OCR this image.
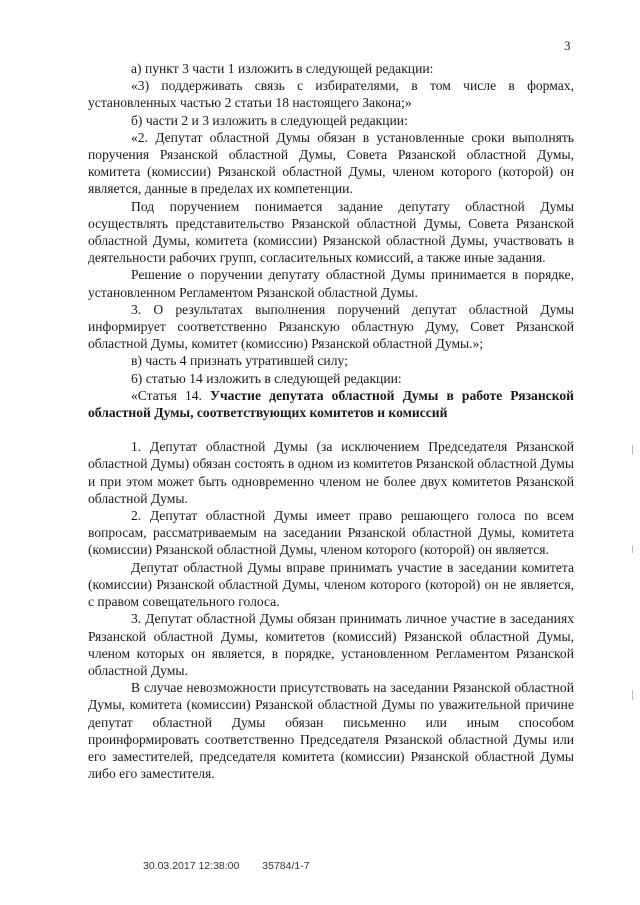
3

а) пункт 3 части 1 изложить в следующей редакции:

«3) поддерживать связь с избирателями, в том числе в формах, установленных частью 2 статьи 18 настоящего Закона;»

б) части 2 и 3 изложить в следующей редакции:

«2. Депутат областной Думы обязан в установленные сроки выполнять поручения Рязанской областной Думы, Совета Рязанской областной Думы, комитета (комиссии) Рязанской областной Думы, членом которого (которой) он является, данные в пределах их компетенции.

Под поручением понимается задание депутату областной Думы осуществлять представительство Рязанской областной Думы, Совета Рязанской областной Думы, комитета (комиссии) Рязанской областной Думы, участвовать в деятельности рабочих групп, согласительных комиссий, а также иные задания.

Решение о поручении депутату областной Думы принимается в порядке, установленном Регламентом Рязанской областной Думы.

3. О результатах выполнения поручений депутат областной Думы информирует соответственно Рязанскую областную Думу, Совет Рязанской областной Думы, комитет (комиссию) Рязанской областной Думы.»;

в) часть 4 признать утратившей силу;

6) статью 14 изложить в следующей редакции:

«Статья 14. Участие депутата областной Думы в работе Рязанской областной Думы, соответствующих комитетов и комиссий

1. Депутат областной Думы (за исключением Председателя Рязанской областной Думы) обязан состоять в одном из комитетов Рязанской областной Думы и при этом может быть одновременно членом не более двух комитетов Рязанской областной Думы.

2. Депутат областной Думы имеет право решающего голоса по всем вопросам, рассматриваемым на заседании Рязанской областной Думы, комитета (комиссии) Рязанской областной Думы, членом которого (которой) он является.

Депутат областной Думы вправе принимать участие в заседании комитета (комиссии) Рязанской областной Думы, членом которого (которой) он не является, с правом совещательного голоса.

3. Депутат областной Думы обязан принимать личное участие в заседаниях Рязанской областной Думы, комитетов (комиссий) Рязанской областной Думы, членом которых он является, в порядке, установленном Регламентом Рязанской областной Думы.

В случае невозможности присутствовать на заседании Рязанской областной Думы, комитета (комиссии) Рязанской областной Думы по уважительной причине депутат областной Думы обязан письменно или иным способом проинформировать соответственно Председателя Рязанской областной Думы или его заместителей, председателя комитета (комиссии) Рязанской областной Думы либо его заместителя.

30.03.2017 12:38:00 35784/1-7
